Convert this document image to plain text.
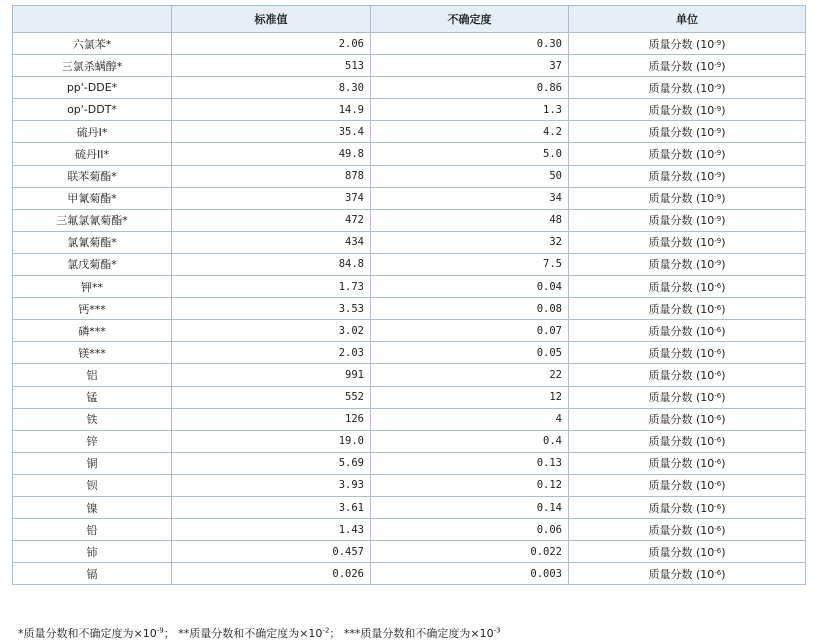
	标准值	不确定度	单位
六氯苯*	2.06	0.30	质量分数 $(10^{-9})$
三氯杀螨醇*	513	37	质量分数 $(10^{-9})$
pp'-DDE*	8.30	0.86	质量分数 $(10^{-9})$
op'-DDT*	14.9	1.3	质量分数 $(10^{-9})$
硫丹I*	35.4	4.2	质量分数 $(10^{-9})$
硫丹II*	49.8	5.0	质量分数 $(10^{-9})$
联苯菊酯*	878	50	质量分数 $(10^{-9})$
甲氰菊酯*	374	34	质量分数 $(10^{-9})$
三氟氯氰菊酯*	472	48	质量分数 $(10^{-9})$
氯氰菊酯*	434	32	质量分数 $(10^{-9})$
氯戊菊酯*	84.8	7.5	质量分数 $(10^{-9})$
钾**	1.73	0.04	质量分数 $(10^{-6})$
钙***	3.53	0.08	质量分数 $(10^{-6})$
磷***	3.02	0.07	质量分数 $(10^{-6})$
镁***	2.03	0.05	质量分数 $(10^{-6})$
铝	991	22	质量分数 $(10^{-6})$
锰	552	12	质量分数 $(10^{-6})$
铁	126	4	质量分数 $(10^{-6})$
锌	19.0	0.4	质量分数 $(10^{-6})$
铜	5.69	0.13	质量分数 $(10^{-6})$
钡	3.93	0.12	质量分数 $(10^{-6})$
镍	3.61	0.14	质量分数 $(10^{-6})$
铅	1.43	0.06	质量分数 $(10^{-6})$
铈	0.457	0.022	质量分数 $(10^{-6})$
镉	0.026	0.003	质量分数 $(10^{-6})$
*质量分数和不确定度为$\times 10^{-9}$； **质量分数和不确定度为$\times 10^{-2}$； ***质量分数和不确定度为$\times 10^{-3}$
